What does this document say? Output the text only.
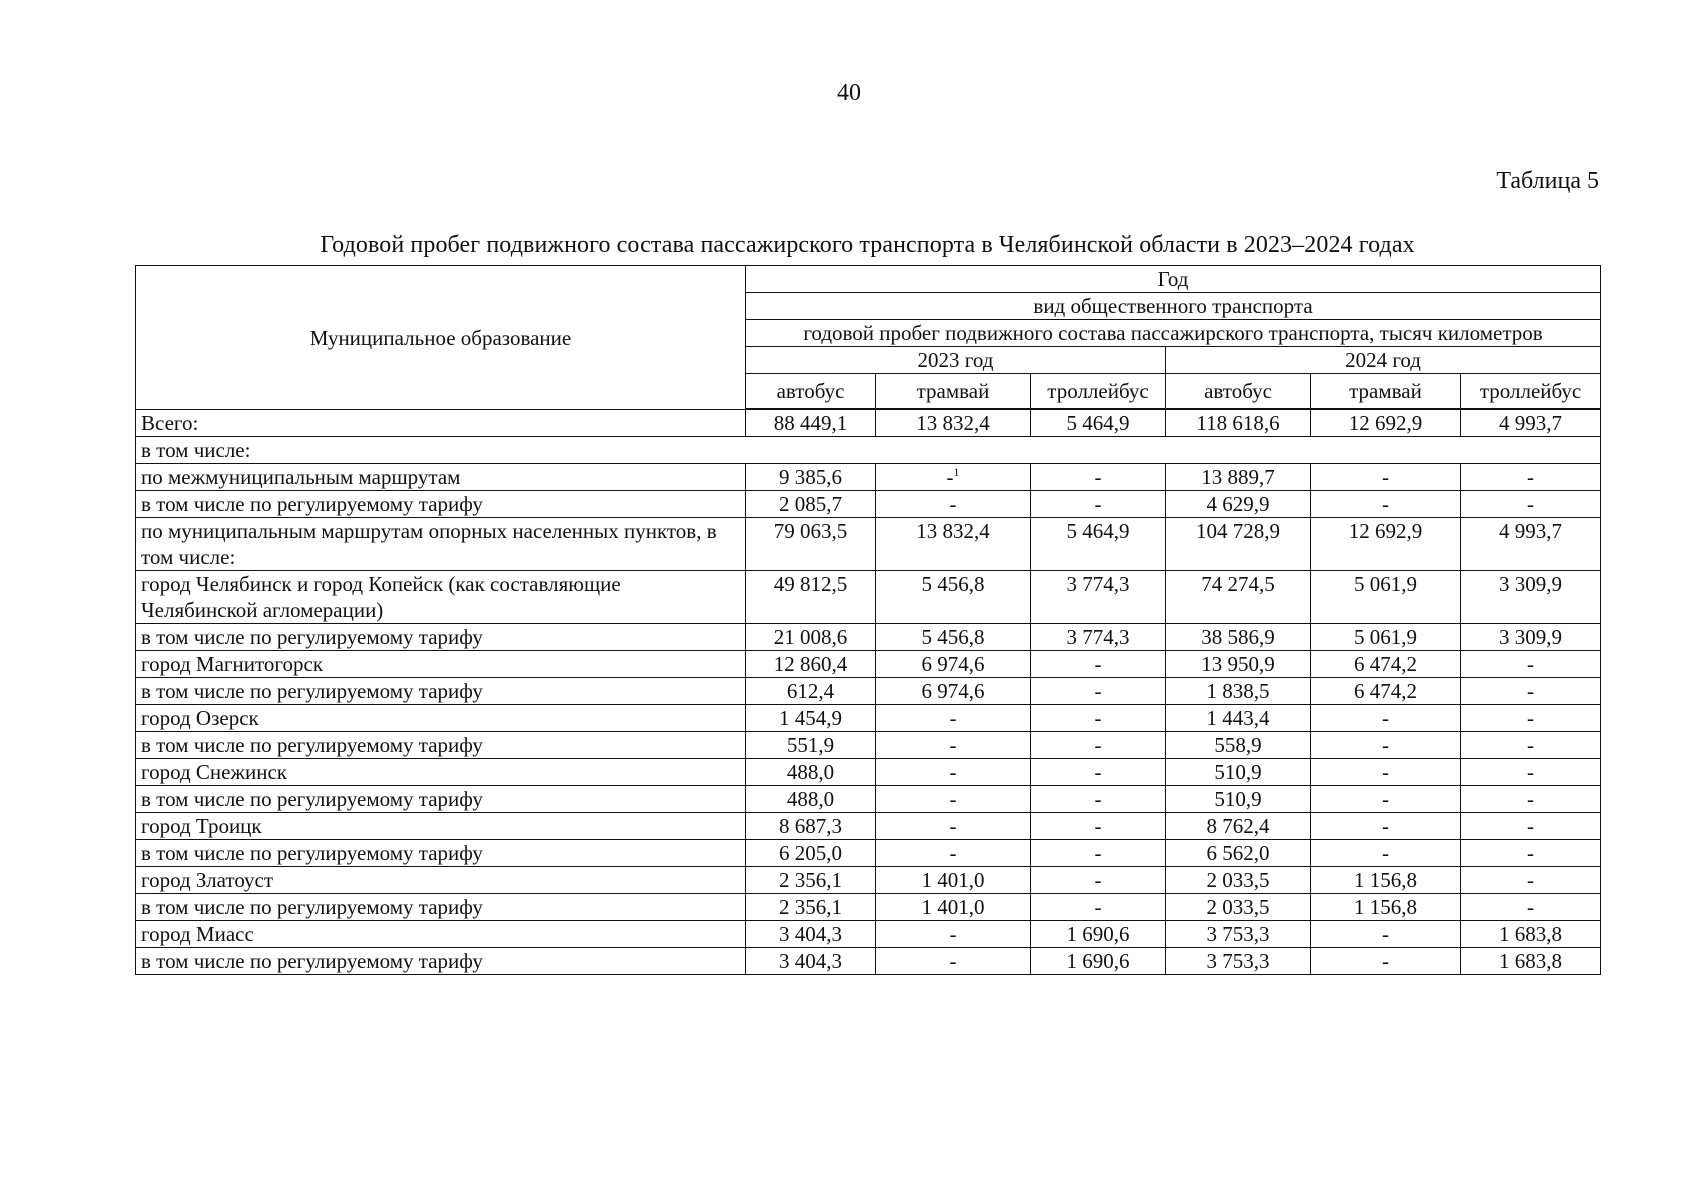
40
Таблица 5
Годовой пробег подвижного состава пассажирского транспорта в Челябинской области в 2023–2024 годах
Муниципальное образование	Год					
	вид общественного транспорта					
	годовой пробег подвижного состава пассажирского транспорта, тысяч километров					
	2023 год			2024 год		
	автобус	трамвай	троллейбус	автобус	трамвай	троллейбус

Всего:	88 449,1	13 832,4	5 464,9	118 618,6	12 692,9	4 993,7
в том числе:						
по межмуниципальным маршрутам	9 385,6	-$^1$	-	13 889,7	-	-
в том числе по регулируемому тарифу	2 085,7	-	-	4 629,9	-	-
по муниципальным маршрутам опорных населенных пунктов, в том числе:	79 063,5	13 832,4	5 464,9	104 728,9	12 692,9	4 993,7
город Челябинск и город Копейск (как составляющие Челябинской агломерации)	49 812,5	5 456,8	3 774,3	74 274,5	5 061,9	3 309,9
в том числе по регулируемому тарифу	21 008,6	5 456,8	3 774,3	38 586,9	5 061,9	3 309,9
город Магнитогорск	12 860,4	6 974,6	-	13 950,9	6 474,2	-
в том числе по регулируемому тарифу	612,4	6 974,6	-	1 838,5	6 474,2	-
город Озерск	1 454,9	-	-	1 443,4	-	-
в том числе по регулируемому тарифу	551,9	-	-	558,9	-	-
город Снежинск	488,0	-	-	510,9	-	-
в том числе по регулируемому тарифу	488,0	-	-	510,9	-	-
город Троицк	8 687,3	-	-	8 762,4	-	-
в том числе по регулируемому тарифу	6 205,0	-	-	6 562,0	-	-
город Златоуст	2 356,1	1 401,0	-	2 033,5	1 156,8	-
в том числе по регулируемому тарифу	2 356,1	1 401,0	-	2 033,5	1 156,8	-
город Миасс	3 404,3	-	1 690,6	3 753,3	-	1 683,8
в том числе по регулируемому тарифу	3 404,3	-	1 690,6	3 753,3	-	1 683,8
